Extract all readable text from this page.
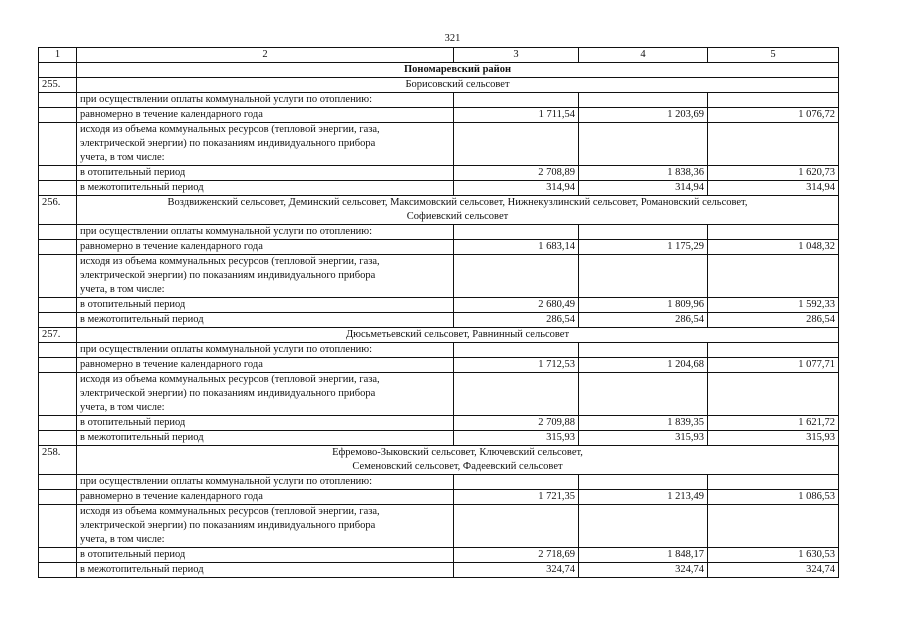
321
1	2	3	4	5
	Пономаревский район			
255.	Борисовский сельсовет			

	при осуществлении оплаты коммунальной услуги по отоплению:			
	равномерно в течение календарного года	1 711,54	1 203,69	1 076,72

	исходя из объема коммунальных ресурсов (тепловой энергии, газа,
электрической энергии) по показаниям индивидуального прибора
учета, в том числе:			

	в отопительный период	2 708,89	1 838,36	1 620,73
	в межотопительный период	314,94	314,94	314,94
256.	Воздвиженский сельсовет, Деминский сельсовет, Максимовский сельсовет, Нижнекузлинский сельсовет, Романовский сельсовет,
Софиевский сельсовет			

	при осуществлении оплаты коммунальной услуги по отоплению:			
	равномерно в течение календарного года	1 683,14	1 175,29	1 048,32

	исходя из объема коммунальных ресурсов (тепловой энергии, газа,
электрической энергии) по показаниям индивидуального прибора
учета, в том числе:			

	в отопительный период	2 680,49	1 809,96	1 592,33
	в межотопительный период	286,54	286,54	286,54
257.	Дюсьметьевский сельсовет, Равнинный сельсовет			

	при осуществлении оплаты коммунальной услуги по отоплению:			
	равномерно в течение календарного года	1 712,53	1 204,68	1 077,71

	исходя из объема коммунальных ресурсов (тепловой энергии, газа,
электрической энергии) по показаниям индивидуального прибора
учета, в том числе:			

	в отопительный период	2 709,88	1 839,35	1 621,72
	в межотопительный период	315,93	315,93	315,93
258.	Ефремово-Зыковский сельсовет, Ключевский сельсовет,
Семеновский сельсовет, Фадеевский сельсовет			

	при осуществлении оплаты коммунальной услуги по отоплению:			
	равномерно в течение календарного года	1 721,35	1 213,49	1 086,53

	исходя из объема коммунальных ресурсов (тепловой энергии, газа,
электрической энергии) по показаниям индивидуального прибора
учета, в том числе:			

	в отопительный период	2 718,69	1 848,17	1 630,53
	в межотопительный период	324,74	324,74	324,74
